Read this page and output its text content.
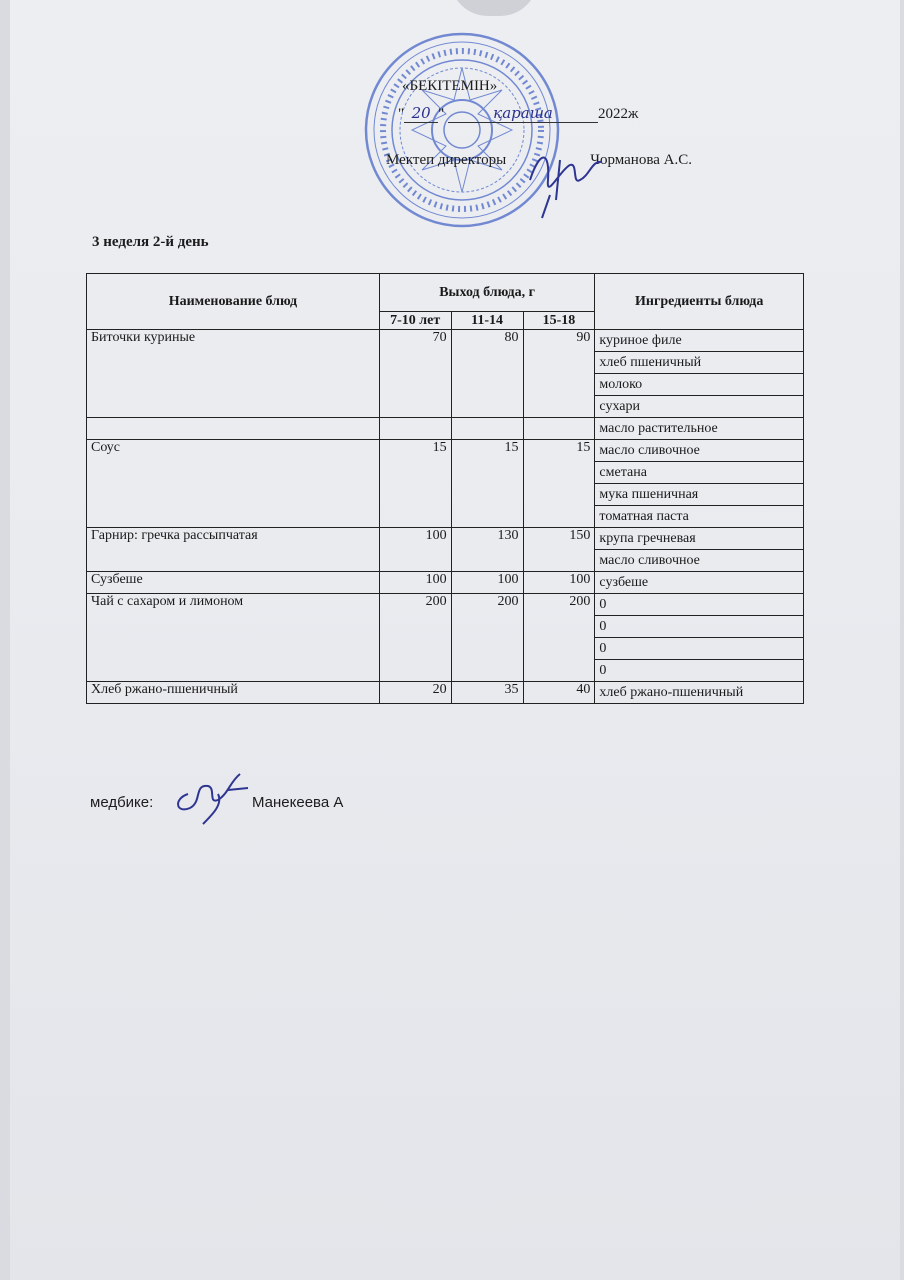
«БЕКІТЕМІН»
" 20 "	қараша	2022ж
Мектеп директоры	Чорманова А.С.
3 неделя 2-й день
Наименование блюд	Выход блюда, г			Ингредиенты блюда
	7-10 лет	11-14	15-18	
Биточки куриные	70	80	90	куриное филе
				хлеб пшеничный
				молоко
				сухари
				масло растительное
Соус	15	15	15	масло сливочное
				сметана
				мука пшеничная
				томатная паста
Гарнир: гречка рассыпчатая	100	130	150	крупа гречневая
				масло сливочное
Сузбеше	100	100	100	сузбеше
Чай с сахаром и лимоном	200	200	200	0
				0
				0
				0
Хлеб ржано-пшеничный	20	35	40	хлеб ржано-пшеничный
медбике:	Манекеева А
